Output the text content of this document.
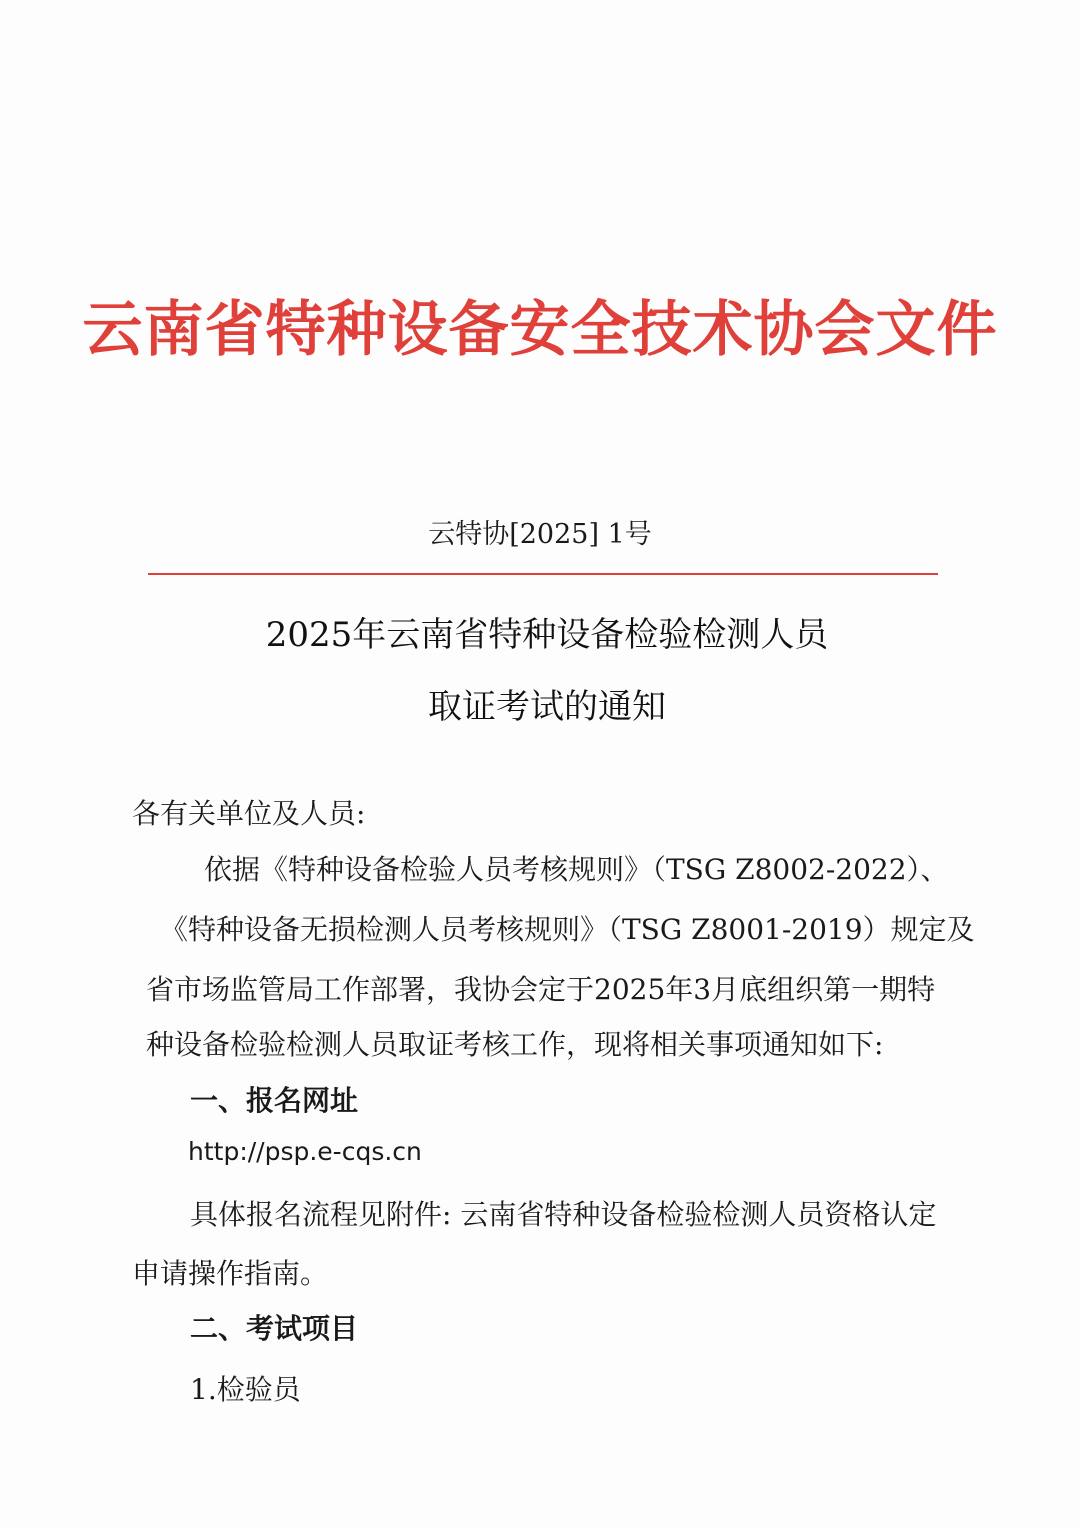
云南省特种设备安全技术协会文件
云特协[2025] 1号
2025年云南省特种设备检验检测人员
取证考试的通知
各有关单位及人员:
依据《特种设备检验人员考核规则》（TSG Z8002-2022）、
《特种设备无损检测人员考核规则》（TSG Z8001-2019）规定及
省市场监管局工作部署，我协会定于2025年3月底组织第一期特
种设备检验检测人员取证考核工作，现将相关事项通知如下:
一、报名网址
http://psp.e-cqs.cn
具体报名流程见附件: 云南省特种设备检验检测人员资格认定
申请操作指南。
二、考试项目
1.检验员
